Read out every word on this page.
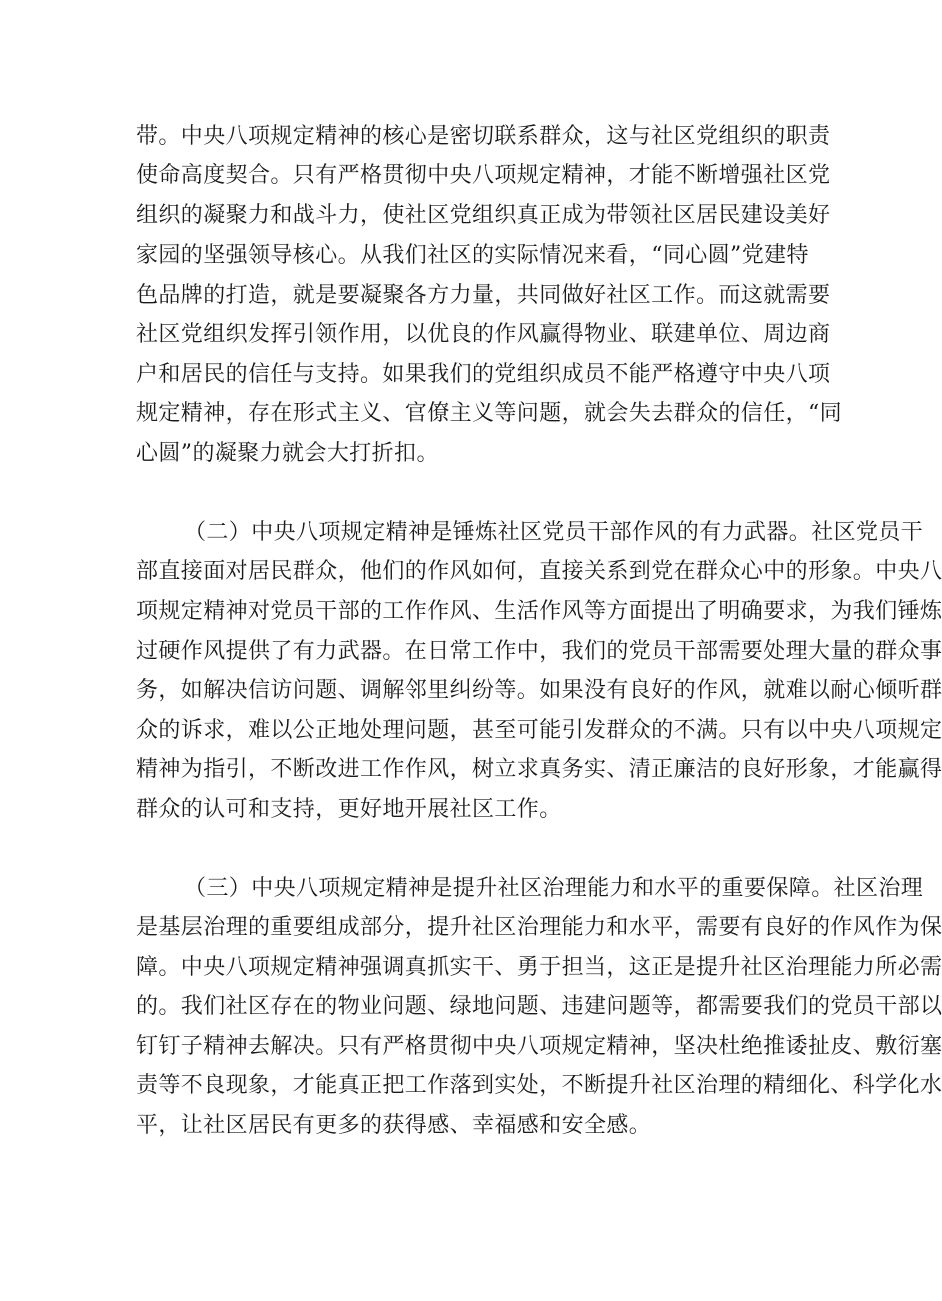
带。中央八项规定精神的核心是密切联系群众，这与社区党组织的职责
使命高度契合。只有严格贯彻中央八项规定精神，才能不断增强社区党
组织的凝聚力和战斗力，使社区党组织真正成为带领社区居民建设美好
家园的坚强领导核心。从我们社区的实际情况来看，“同心圆”党建特
色品牌的打造，就是要凝聚各方力量，共同做好社区工作。而这就需要
社区党组织发挥引领作用，以优良的作风赢得物业、联建单位、周边商
户和居民的信任与支持。如果我们的党组织成员不能严格遵守中央八项
规定精神，存在形式主义、官僚主义等问题，就会失去群众的信任，“同
心圆”的凝聚力就会大打折扣。
（二）中央八项规定精神是锤炼社区党员干部作风的有力武器。社区党员干
部直接面对居民群众，他们的作风如何，直接关系到党在群众心中的形象。中央八
项规定精神对党员干部的工作作风、生活作风等方面提出了明确要求，为我们锤炼
过硬作风提供了有力武器。在日常工作中，我们的党员干部需要处理大量的群众事
务，如解决信访问题、调解邻里纠纷等。如果没有良好的作风，就难以耐心倾听群
众的诉求，难以公正地处理问题，甚至可能引发群众的不满。只有以中央八项规定
精神为指引，不断改进工作作风，树立求真务实、清正廉洁的良好形象，才能赢得
群众的认可和支持，更好地开展社区工作。
（三）中央八项规定精神是提升社区治理能力和水平的重要保障。社区治理
是基层治理的重要组成部分，提升社区治理能力和水平，需要有良好的作风作为保
障。中央八项规定精神强调真抓实干、勇于担当，这正是提升社区治理能力所必需
的。我们社区存在的物业问题、绿地问题、违建问题等，都需要我们的党员干部以
钉钉子精神去解决。只有严格贯彻中央八项规定精神，坚决杜绝推诿扯皮、敷衍塞
责等不良现象，才能真正把工作落到实处，不断提升社区治理的精细化、科学化水
平，让社区居民有更多的获得感、幸福感和安全感。
